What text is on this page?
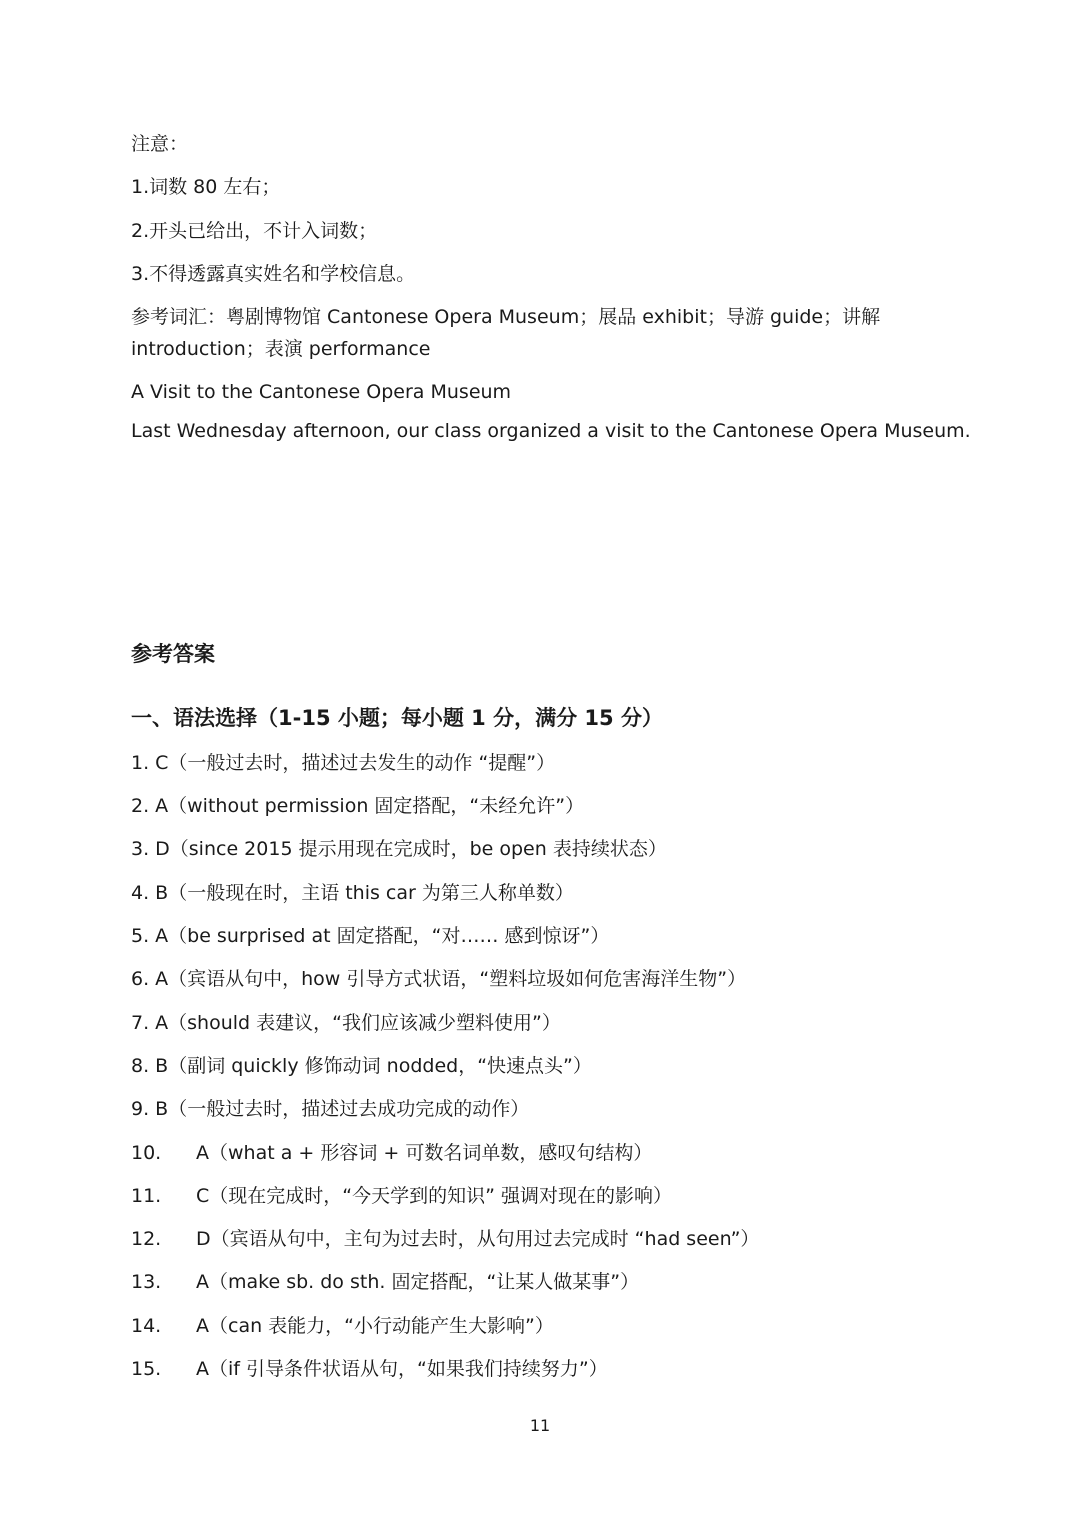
注意：
1.词数 80 左右；
2.开头已给出，不计入词数；
3.不得透露真实姓名和学校信息。
参考词汇：粤剧博物馆 Cantonese Opera Museum；展品 exhibit；导游 guide；讲解 introduction；表演 performance
A Visit to the Cantonese Opera Museum
Last Wednesday afternoon, our class organized a visit to the Cantonese Opera Museum.
参考答案
一、语法选择（1-15 小题；每小题 1 分，满分 15 分）
1. C（一般过去时，描述过去发生的动作 “提醒”）
2. A（without permission 固定搭配，“未经允许”）
3. D（since 2015 提示用现在完成时，be open 表持续状态）
4. B（一般现在时，主语 this car 为第三人称单数）
5. A（be surprised at 固定搭配，“对…… 感到惊讶”）
6. A（宾语从句中，how 引导方式状语，“塑料垃圾如何危害海洋生物”）
7. A（should 表建议，“我们应该减少塑料使用”）
8. B（副词 quickly 修饰动词 nodded，“快速点头”）
9. B（一般过去时，描述过去成功完成的动作）
10. A（what a + 形容词 + 可数名词单数，感叹句结构）
11. C（现在完成时，“今天学到的知识” 强调对现在的影响）
12. D（宾语从句中，主句为过去时，从句用过去完成时 “had seen”）
13. A（make sb. do sth. 固定搭配，“让某人做某事”）
14. A（can 表能力，“小行动能产生大影响”）
15. A（if 引导条件状语从句，“如果我们持续努力”）
11
